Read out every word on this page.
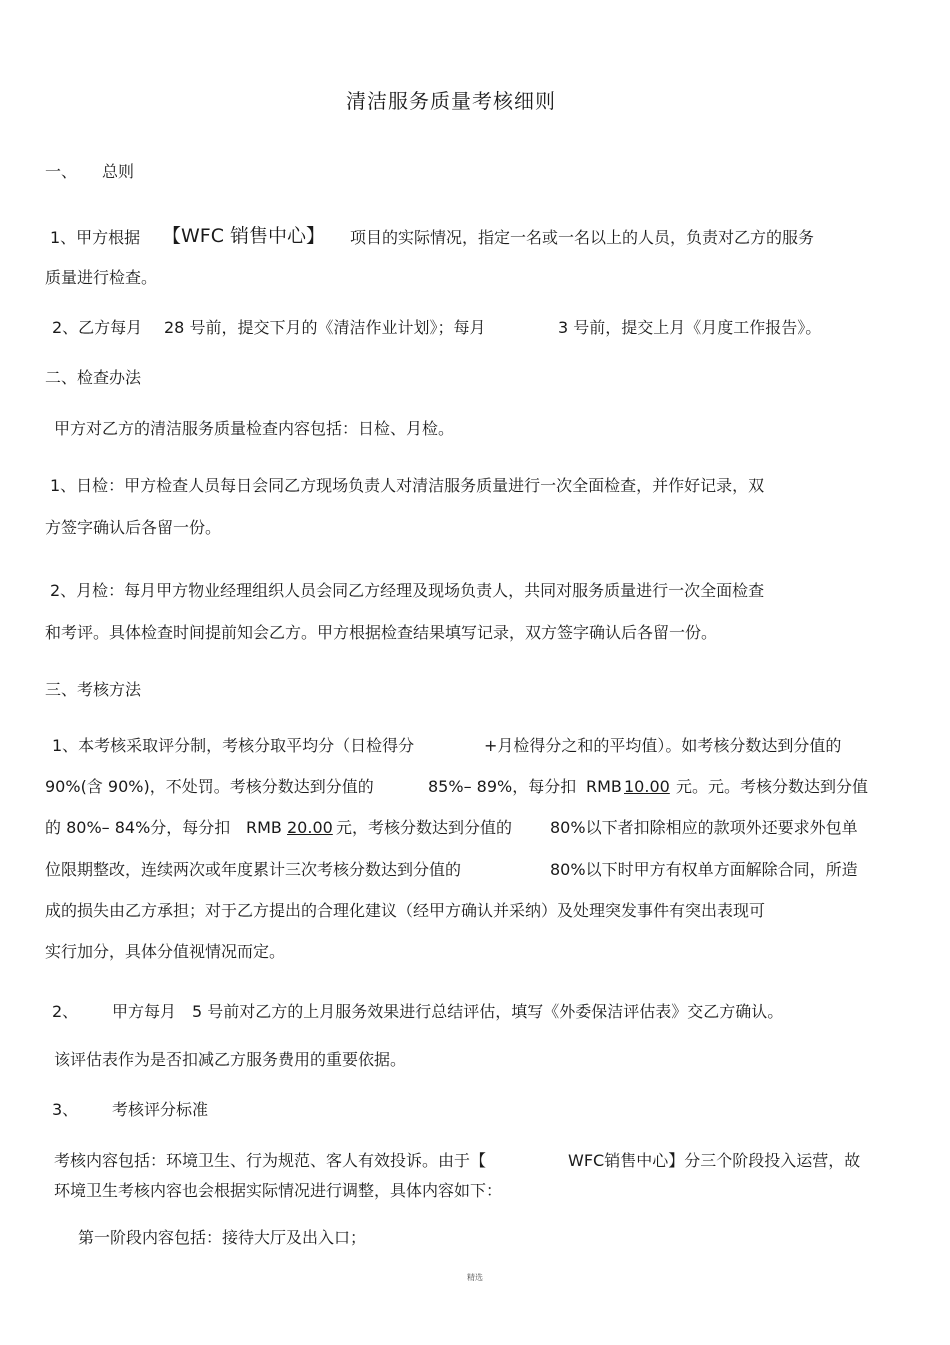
清洁服务质量考核细则

一、 总则

1、甲方根据 【WFC 销售中心】 项目的实际情况，指定一名或一名以上的人员，负责对乙方的服务

质量进行检查。

2、乙方每月 28 号前，提交下月的《清洁作业计划》；每月	3 号前，提交上月《月度工作报告》。

二、检查办法

甲方对乙方的清洁服务质量检查内容包括：日检、月检。

1、日检：甲方检查人员每日会同乙方现场负责人对清洁服务质量进行一次全面检查，并作好记录，双

方签字确认后各留一份。

2、月检：每月甲方物业经理组织人员会同乙方经理及现场负责人，共同对服务质量进行一次全面检查

和考评。具体检查时间提前知会乙方。甲方根据检查结果填写记录，双方签字确认后各留一份。

三、考核方法

1、本考核采取评分制，考核分取平均分（日检得分	+月检得分之和的平均值）。如考核分数达到分值的

90%(含 90%)，不处罚。考核分数达到分值的	85%– 89%，每分扣 RMB 10.00 元。元。考核分数达到分值

的 80%– 84%分，每分扣 RMB 20.00 元，考核分数达到分值的 80%以下者扣除相应的款项外还要求外包单

位限期整改，连续两次或年度累计三次考核分数达到分值的	80%以下时甲方有权单方面解除合同，所造

成的损失由乙方承担；对于乙方提出的合理化建议（经甲方确认并采纳）及处理突发事件有突出表现可

实行加分，具体分值视情况而定。

2、 甲方每月 5 号前对乙方的上月服务效果进行总结评估，填写《外委保洁评估表》交乙方确认。

该评估表作为是否扣减乙方服务费用的重要依据。

3、 考核评分标准

考核内容包括：环境卫生、行为规范、客人有效投诉。由于【	WFC销售中心】分三个阶段投入运营，故

环境卫生考核内容也会根据实际情况进行调整，具体内容如下：

第一阶段内容包括：接待大厅及出入口；

精选
